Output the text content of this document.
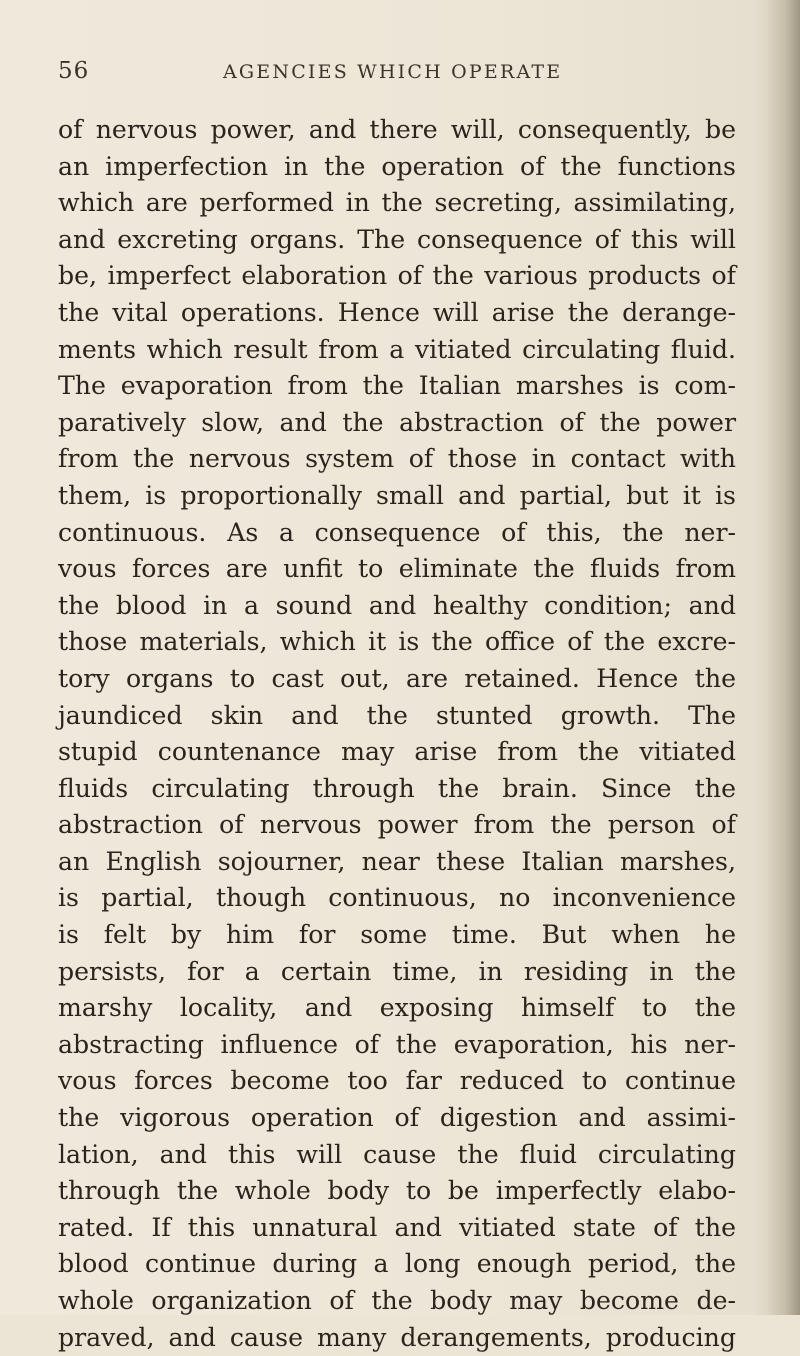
56	AGENCIES WHICH OPERATE
of nervous power, and there will, consequently, be
an imperfection in the operation of the functions
which are performed in the secreting, assimilating,
and excreting organs. The consequence of this will
be, imperfect elaboration of the various products of
the vital operations. Hence will arise the derange-
ments which result from a vitiated circulating fluid.
The evaporation from the Italian marshes is com-
paratively slow, and the abstraction of the power
from the nervous system of those in contact with
them, is proportionally small and partial, but it is
continuous. As a consequence of this, the ner-
vous forces are unfit to eliminate the fluids from
the blood in a sound and healthy condition; and
those materials, which it is the office of the excre-
tory organs to cast out, are retained. Hence the
jaundiced skin and the stunted growth. The
stupid countenance may arise from the vitiated
fluids circulating through the brain. Since the
abstraction of nervous power from the person of
an English sojourner, near these Italian marshes,
is partial, though continuous, no inconvenience
is felt by him for some time. But when he
persists, for a certain time, in residing in the
marshy locality, and exposing himself to the
abstracting influence of the evaporation, his ner-
vous forces become too far reduced to continue
the vigorous operation of digestion and assimi-
lation, and this will cause the fluid circulating
through the whole body to be imperfectly elabo-
rated. If this unnatural and vitiated state of the
blood continue during a long enough period, the
whole organization of the body may become de-
praved, and cause many derangements, producing
